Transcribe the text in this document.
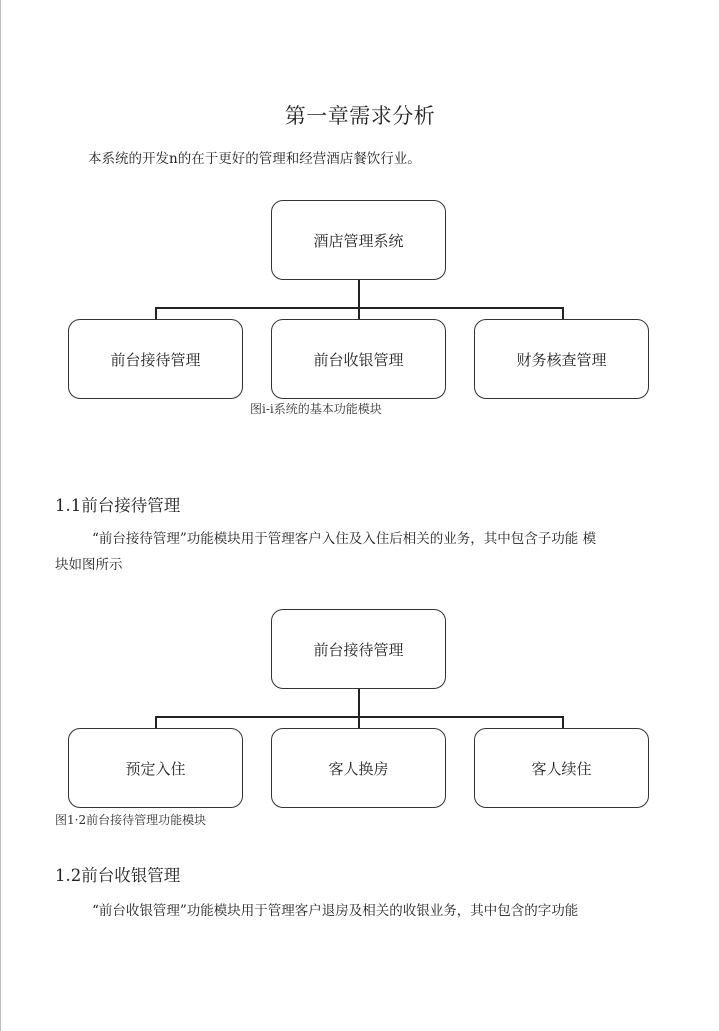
第一章需求分析
本系统的开发n的在于更好的管理和经营酒店餐饮行业。
酒店管理系统
前台接待管理	前台收银管理	财务核查管理
图i-i系统的基本功能模块
1.1前台接待管理
“前台接待管理”功能模块用于管理客户入住及入住后相关的业务，其中包含子功能 模
块如图所示
前台接待管理
预定入住	客人换房	客人续住
图1·2前台接待管理功能模块
1.2前台收银管理
“前台收银管理”功能模块用于管理客户退房及相关的收银业务，其中包含的字功能
